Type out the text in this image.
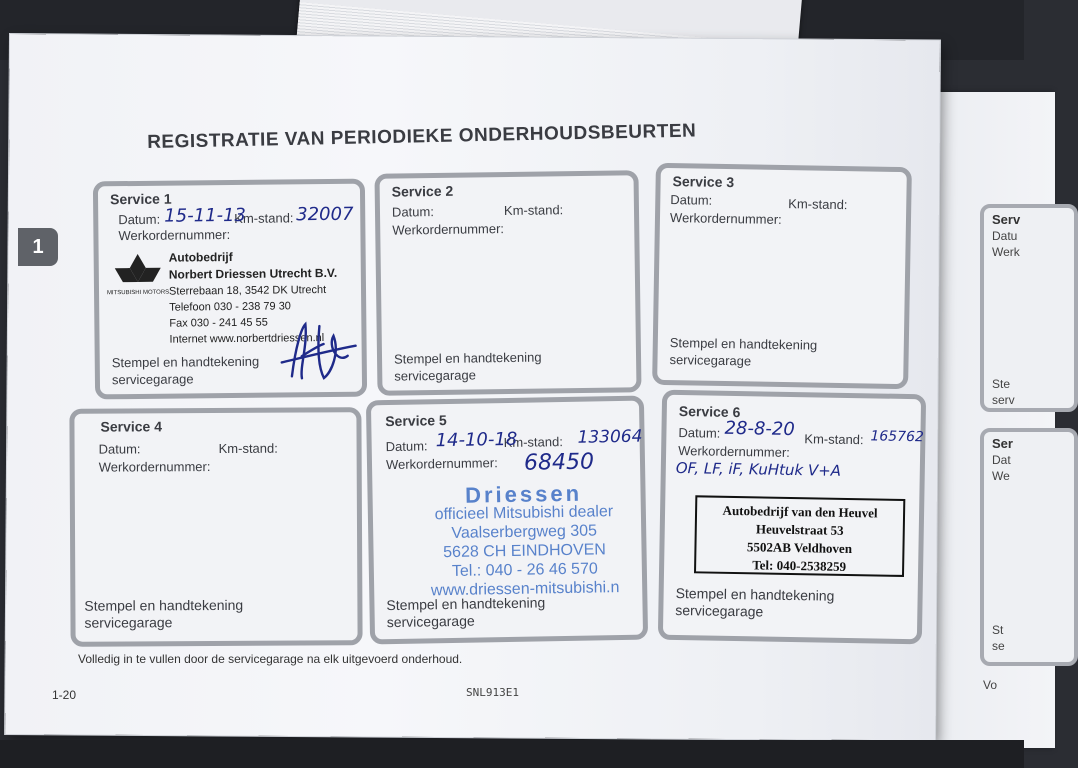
Serv
Datu
Werk
Ste
serv
Ser
Dat
We
St
se
Vo
1
REGISTRATIE VAN PERIODIEKE ONDERHOUDSBEURTEN
Service 1
Datum:	Km-stand:
Werkordernummer:
15-11-13	32007
MITSUBISHI MOTORS
Autobedrijf
Norbert Driessen Utrecht B.V.
Sterrebaan 18, 3542 DK Utrecht
Telefoon 030 - 238 79 30
Fax 030 - 241 45 55
Internet www.norbertdriessen.nl
Stempel en handtekening
servicegarage
Service 2
Datum:	Km-stand:
Werkordernummer:
Stempel en handtekening
servicegarage
Service 3
Datum:	Km-stand:
Werkordernummer:
Stempel en handtekening
servicegarage
Service 4
Datum:	Km-stand:
Werkordernummer:
Stempel en handtekening
servicegarage
Service 5
Datum:	Km-stand:
Werkordernummer:
14-10-18	133064
68450
Driessen
officieel Mitsubishi dealer
Vaalserbergweg 305
5628 CH EINDHOVEN
Tel.: 040 - 26 46 570
www.driessen-mitsubishi.n
Stempel en handtekening
servicegarage
Service 6
Datum:	Km-stand:
Werkordernummer:
28-8-20	165762
OF, LF, iF, KuHtuk V+A
Autobedrijf van den Heuvel
Heuvelstraat 53
5502AB Veldhoven
Tel: 040-2538259
Stempel en handtekening
servicegarage
Volledig in te vullen door de servicegarage na elk uitgevoerd onderhoud.
1-20	SNL913E1
